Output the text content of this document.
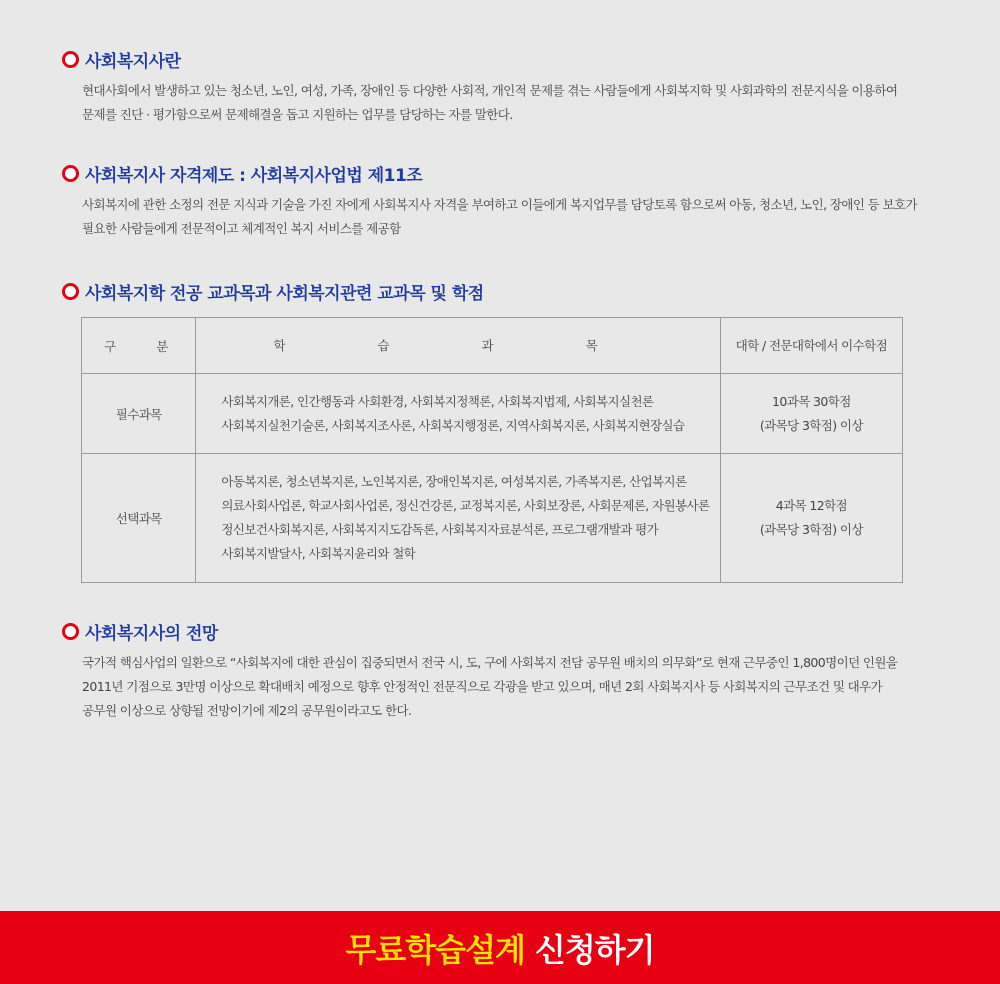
사회복지사란
현대사회에서 발생하고 있는 청소년, 노인, 여성, 가족, 장애인 등 다양한 사회적, 개인적 문제를 겪는 사람들에게 사회복지학 및 사회과학의 전문지식을 이용하여
문제를 진단 · 평가함으로써 문제해결을 돕고 지원하는 업무를 담당하는 자를 말한다.
사회복지사 자격제도 : 사회복지사업법 제11조
사회복지에 관한 소정의 전문 지식과 기술을 가진 자에게 사회복지사 자격을 부여하고 이들에게 복지업무를 담당토록 함으로써 아동, 청소년, 노인, 장애인 등 보호가
필요한 사람들에게 전문적이고 체계적인 복지 서비스를 제공함
사회복지학 전공 교과목과 사회복지관련 교과목 및 학점
구 분	학 습 과 목	대학 / 전문대학에서 이수학점
필수과목	사회복지개론, 인간행동과 사회환경, 사회복지정책론, 사회복지법제, 사회복지실천론
사회복지실천기술론, 사회복지조사론, 사회복지행정론, 지역사회복지론, 사회복지현장실습	10과목 30학점
(과목당 3학점) 이상

선택과목	아동복지론, 청소년복지론, 노인복지론, 장애인복지론, 여성복지론, 가족복지론, 산업복지론
의료사회사업론, 학교사회사업론, 정신건강론, 교정복지론, 사회보장론, 사회문제론, 자원봉사론
정신보건사회복지론, 사회복지지도감독론, 사회복지자료분석론, 프로그램개발과 평가
사회복지발달사, 사회복지윤리와 철학	4과목 12학점
(과목당 3학점) 이상
사회복지사의 전망
국가적 핵심사업의 일환으로 “사회복지에 대한 관심이 집중되면서 전국 시, 도, 구에 사회복지 전담 공무원 배치의 의무화”로 현재 근무중인 1,800명이던 인원을
2011년 기점으로 3만명 이상으로 확대배치 예정으로 향후 안정적인 전문직으로 각광을 받고 있으며, 매년 2회 사회복지사 등 사회복지의 근무조건 및 대우가
공무원 이상으로 상향될 전망이기에 제2의 공무원이라고도 한다.
무료학습설계 신청하기
